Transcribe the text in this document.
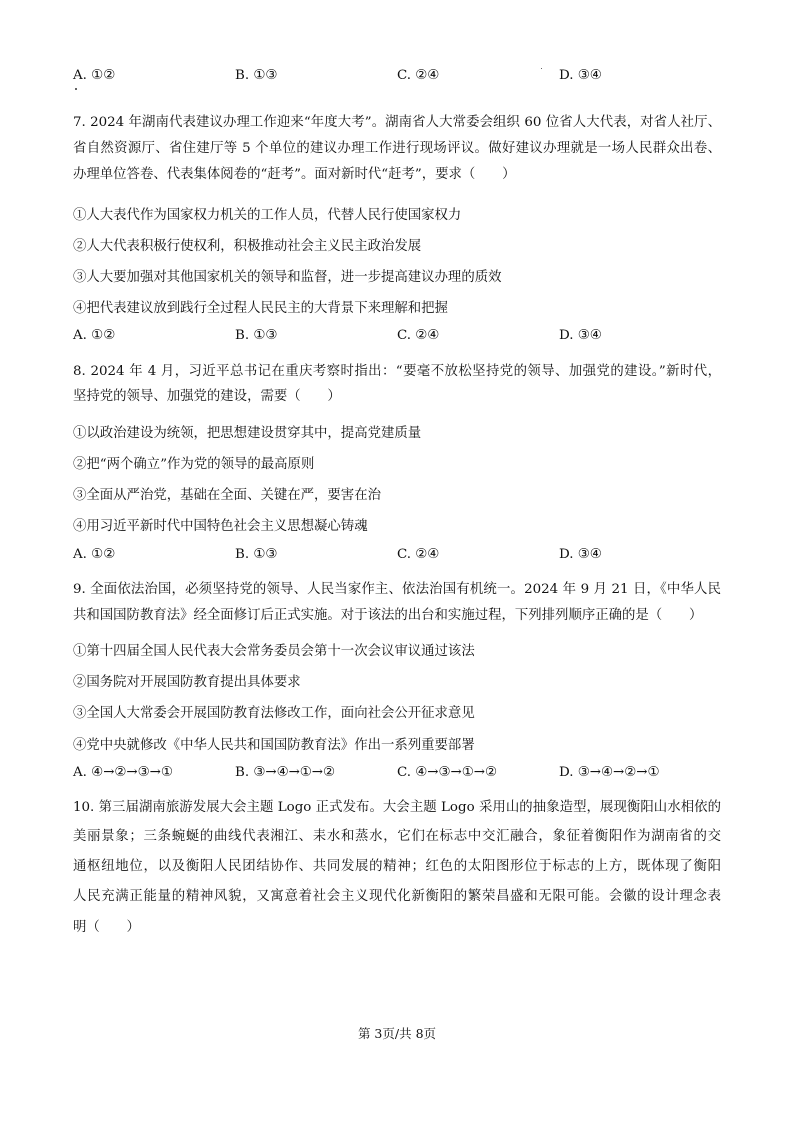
A. ①②	B. ①③	C. ②④	D. ③④
7. 2024 年湖南代表建议办理工作迎来“年度大考”。湖南省人大常委会组织 60 位省人大代表，对省人社厅、
省自然资源厅、省住建厅等 5 个单位的建议办理工作进行现场评议。做好建议办理就是一场人民群众出卷、
办理单位答卷、代表集体阅卷的“赶考”。面对新时代“赶考”，要求（　　）
①人大表代作为国家权力机关的工作人员，代替人民行使国家权力
②人大代表积极行使权利，积极推动社会主义民主政治发展
③人大要加强对其他国家机关的领导和监督，进一步提高建议办理的质效
④把代表建议放到践行全过程人民民主的大背景下来理解和把握
A. ①②	B. ①③	C. ②④	D. ③④
8. 2024 年 4 月，习近平总书记在重庆考察时指出：“要毫不放松坚持党的领导、加强党的建设。”新时代，
坚持党的领导、加强党的建设，需要（　　）
①以政治建设为统领，把思想建设贯穿其中，提高党建质量
②把“两个确立”作为党的领导的最高原则
③全面从严治党，基础在全面、关键在严，要害在治
④用习近平新时代中国特色社会主义思想凝心铸魂
A. ①②	B. ①③	C. ②④	D. ③④
9. 全面依法治国，必须坚持党的领导、人民当家作主、依法治国有机统一。2024 年 9 月 21 日，《中华人民
共和国国防教育法》经全面修订后正式实施。对于该法的出台和实施过程，下列排列顺序正确的是（　　）
①第十四届全国人民代表大会常务委员会第十一次会议审议通过该法
②国务院对开展国防教育提出具体要求
③全国人大常委会开展国防教育法修改工作，面向社会公开征求意见
④党中央就修改《中华人民共和国国防教育法》作出一系列重要部署
A. ④→②→③→①	B. ③→④→①→②	C. ④→③→①→②	D. ③→④→②→①
10. 第三届湖南旅游发展大会主题 Logo 正式发布。大会主题 Logo 采用山的抽象造型，展现衡阳山水相依的
美丽景象；三条蜿蜒的曲线代表湘江、耒水和蒸水，它们在标志中交汇融合，象征着衡阳作为湖南省的交
通枢纽地位，以及衡阳人民团结协作、共同发展的精神；红色的太阳图形位于标志的上方，既体现了衡阳
人民充满正能量的精神风貌，又寓意着社会主义现代化新衡阳的繁荣昌盛和无限可能。会徽的设计理念表
明（　　）
第 3页/共 8页
